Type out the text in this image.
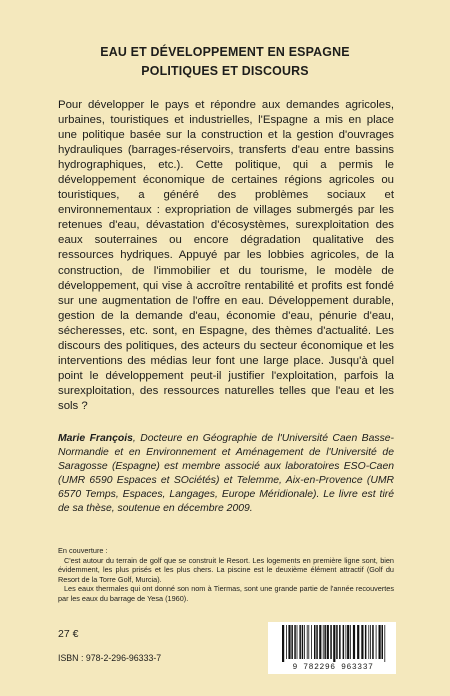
EAU ET DÉVELOPPEMENT EN ESPAGNE
POLITIQUES ET DISCOURS

Pour développer le pays et répondre aux demandes agricoles, urbaines, touristiques et industrielles, l'Espagne a mis en place une politique basée sur la construction et la gestion d'ouvrages hydrauliques (barrages-réservoirs, transferts d'eau entre bassins hydrographiques, etc.). Cette politique, qui a permis le développement économique de certaines régions agricoles ou touristiques, a généré des problèmes sociaux et environnementaux : expropriation de villages submergés par les retenues d'eau, dévastation d'écosystèmes, surexploitation des eaux souterraines ou encore dégradation qualitative des ressources hydriques. Appuyé par les lobbies agricoles, de la construction, de l'immobilier et du tourisme, le modèle de développement, qui vise à accroître rentabilité et profits est fondé sur une augmentation de l'offre en eau. Développement durable, gestion de la demande d'eau, économie d'eau, pénurie d'eau, sécheresses, etc. sont, en Espagne, des thèmes d'actualité. Les discours des politiques, des acteurs du secteur économique et les interventions des médias leur font une large place. Jusqu'à quel point le développement peut-il justifier l'exploitation, parfois la surexploitation, des ressources naturelles telles que l'eau et les sols ?

Marie François, Docteure en Géographie de l'Université Caen Basse-Normandie et en Environnement et Aménagement de l'Université de Saragosse (Espagne) est membre associé aux laboratoires ESO-Caen (UMR 6590 Espaces et SOciétés) et Telemme, Aix-en-Provence (UMR 6570 Temps, Espaces, Langages, Europe Méridionale). Le livre est tiré de sa thèse, soutenue en décembre 2009.

En couverture :

C'est autour du terrain de golf que se construit le Resort. Les logements en première ligne sont, bien évidemment, les plus prisés et les plus chers. La piscine est le deuxième élément attractif (Golf du Resort de la Torre Golf, Murcia).

Les eaux thermales qui ont donné son nom à Tiermas, sont une grande partie de l'année recouvertes par les eaux du barrage de Yesa (1960).

27 €
ISBN : 978-2-296-96333-7
9 782296 963337
